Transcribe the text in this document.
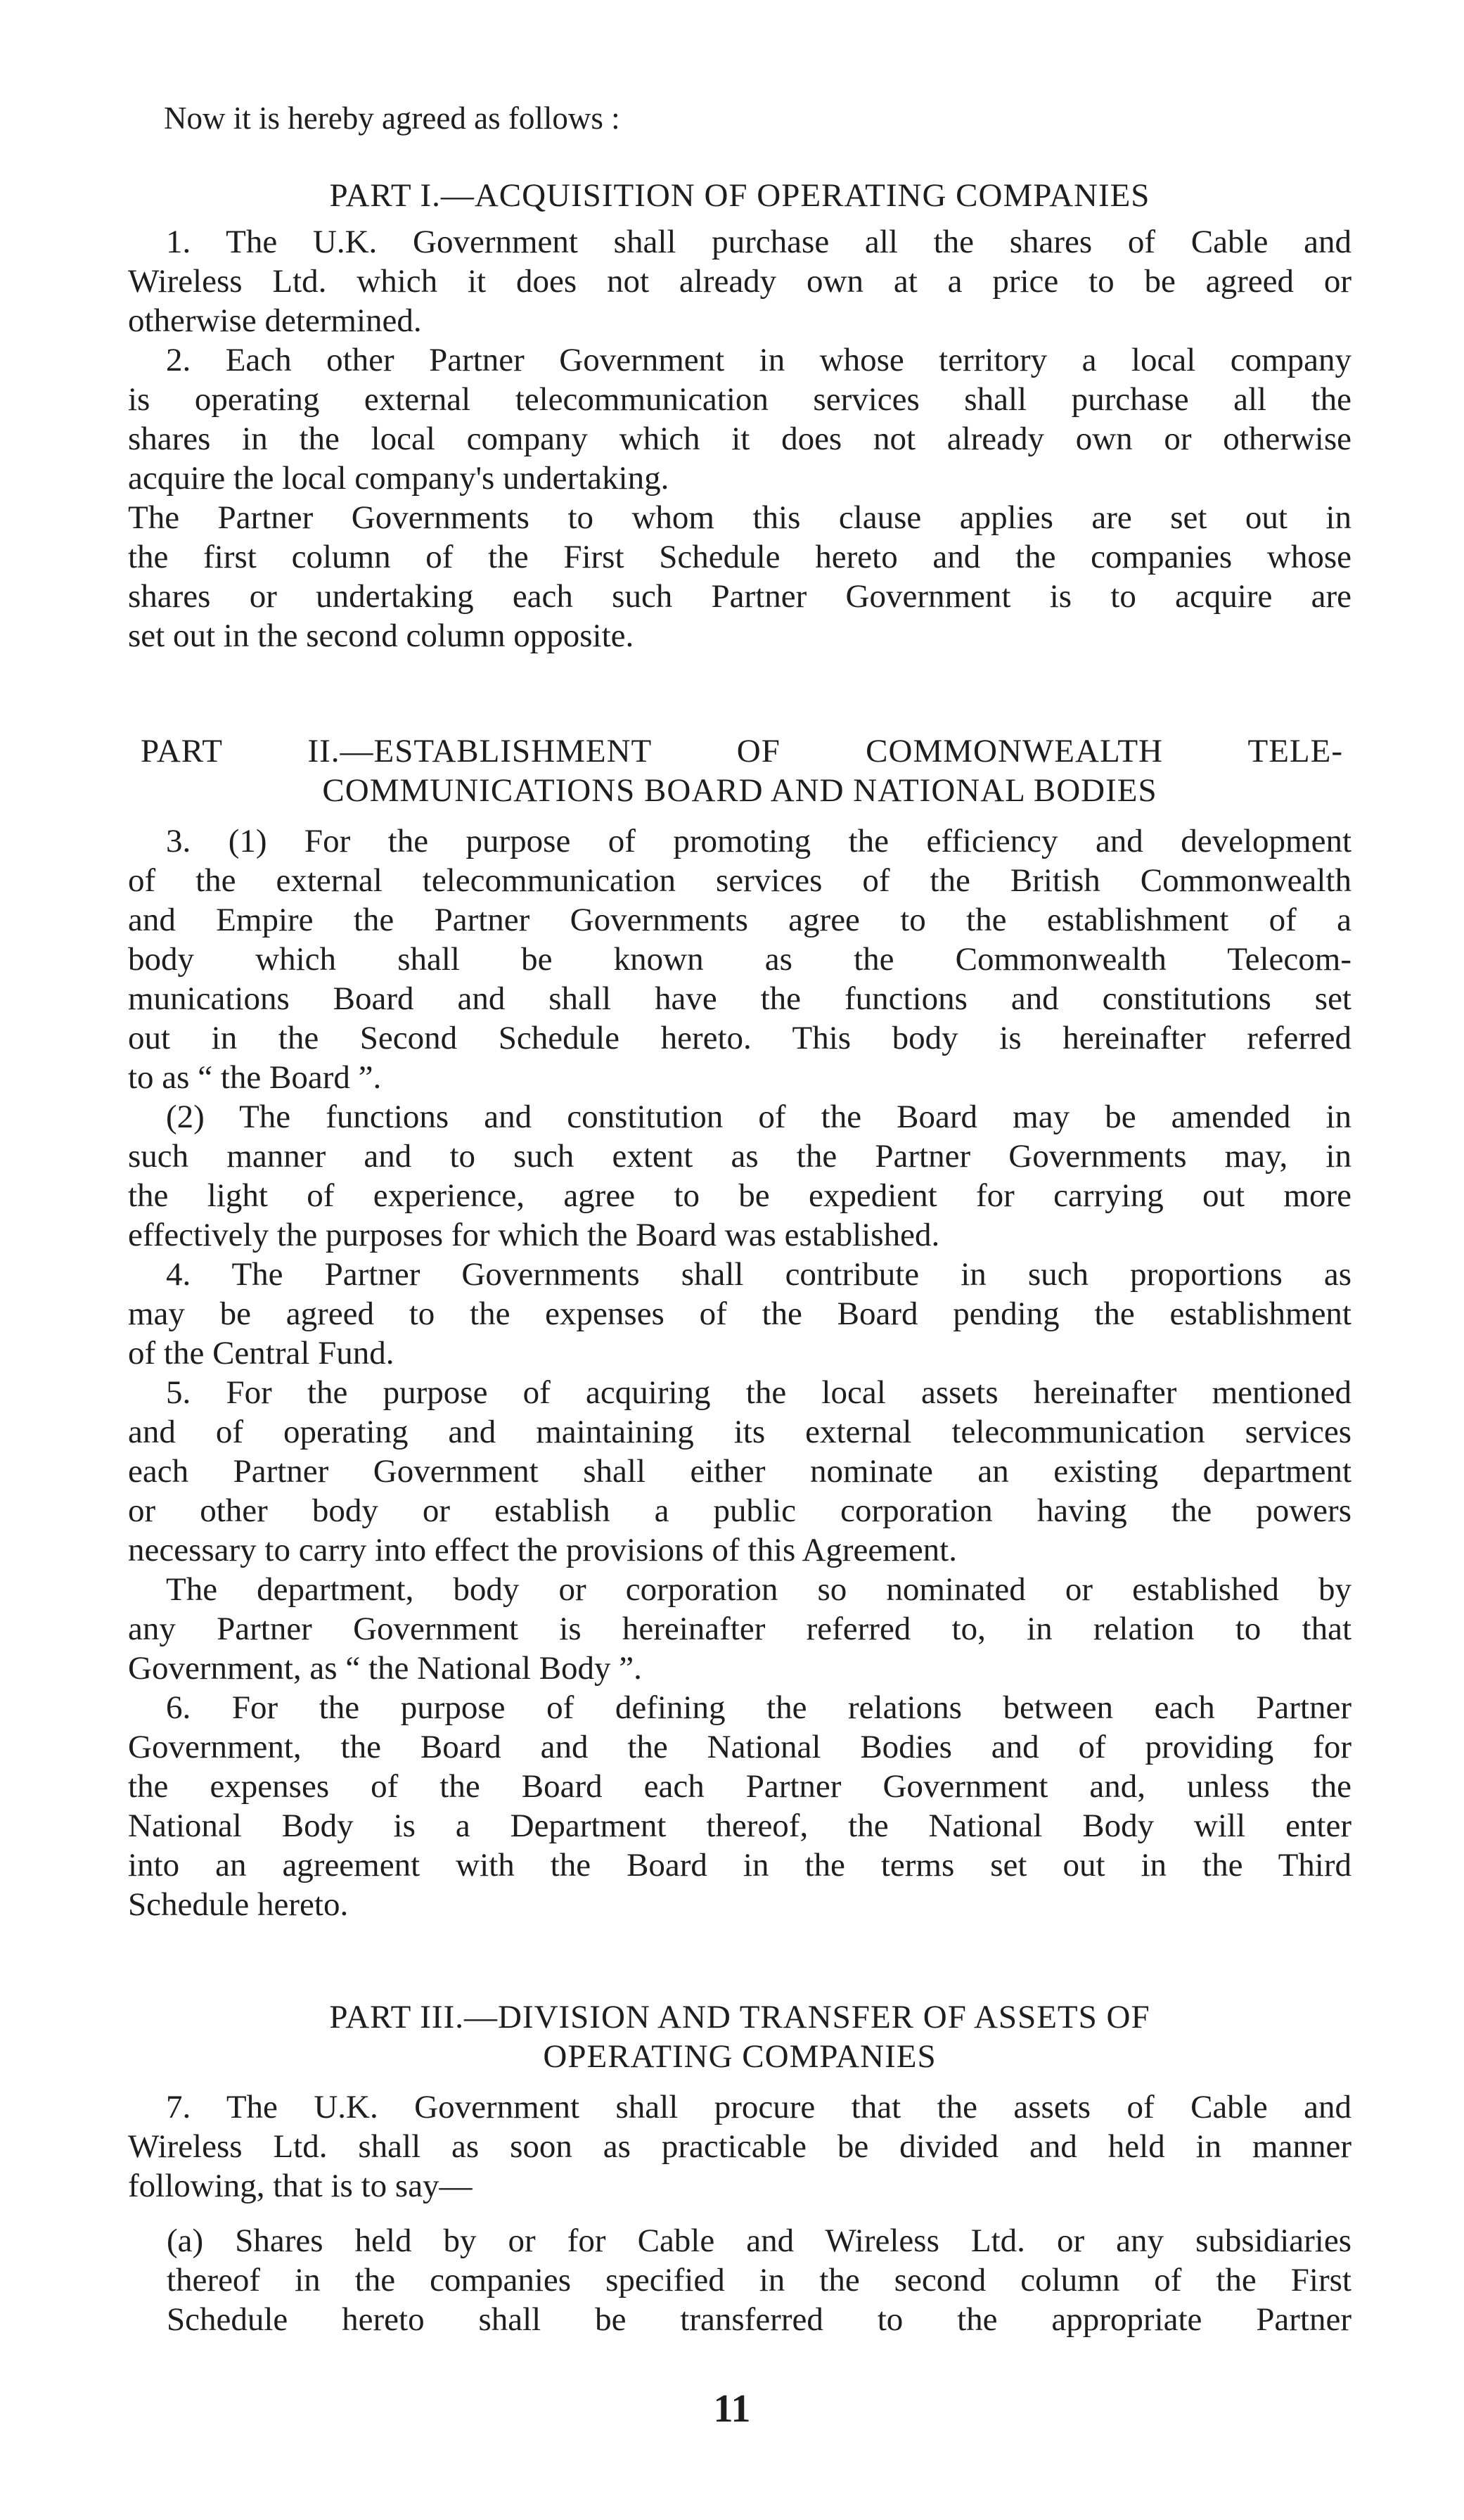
Now it is hereby agreed as follows :
PART I.—ACQUISITION OF OPERATING COMPANIES
1. The U.K. Government shall purchase all the shares of Cable and
Wireless Ltd. which it does not already own at a price to be agreed or
otherwise determined.
2. Each other Partner Government in whose territory a local company
is operating external telecommunication services shall purchase all the
shares in the local company which it does not already own or otherwise
acquire the local company's undertaking.
The Partner Governments to whom this clause applies are set out in
the first column of the First Schedule hereto and the companies whose
shares or undertaking each such Partner Government is to acquire are
set out in the second column opposite.
PART II.—ESTABLISHMENT OF COMMONWEALTH TELE-
COMMUNICATIONS BOARD AND NATIONAL BODIES
3. (1) For the purpose of promoting the efficiency and development
of the external telecommunication services of the British Commonwealth
and Empire the Partner Governments agree to the establishment of a
body which shall be known as the Commonwealth Telecom-
munications Board and shall have the functions and constitutions set
out in the Second Schedule hereto. This body is hereinafter referred
to as “ the Board ”.
(2) The functions and constitution of the Board may be amended in
such manner and to such extent as the Partner Governments may, in
the light of experience, agree to be expedient for carrying out more
effectively the purposes for which the Board was established.
4. The Partner Governments shall contribute in such proportions as
may be agreed to the expenses of the Board pending the establishment
of the Central Fund.
5. For the purpose of acquiring the local assets hereinafter mentioned
and of operating and maintaining its external telecommunication services
each Partner Government shall either nominate an existing department
or other body or establish a public corporation having the powers
necessary to carry into effect the provisions of this Agreement.
The department, body or corporation so nominated or established by
any Partner Government is hereinafter referred to, in relation to that
Government, as “ the National Body ”.
6. For the purpose of defining the relations between each Partner
Government, the Board and the National Bodies and of providing for
the expenses of the Board each Partner Government and, unless the
National Body is a Department thereof, the National Body will enter
into an agreement with the Board in the terms set out in the Third
Schedule hereto.
PART III.—DIVISION AND TRANSFER OF ASSETS OF
OPERATING COMPANIES
7. The U.K. Government shall procure that the assets of Cable and
Wireless Ltd. shall as soon as practicable be divided and held in manner
following, that is to say—
(a) Shares held by or for Cable and Wireless Ltd. or any subsidiaries
thereof in the companies specified in the second column of the First
Schedule hereto shall be transferred to the appropriate Partner
11
